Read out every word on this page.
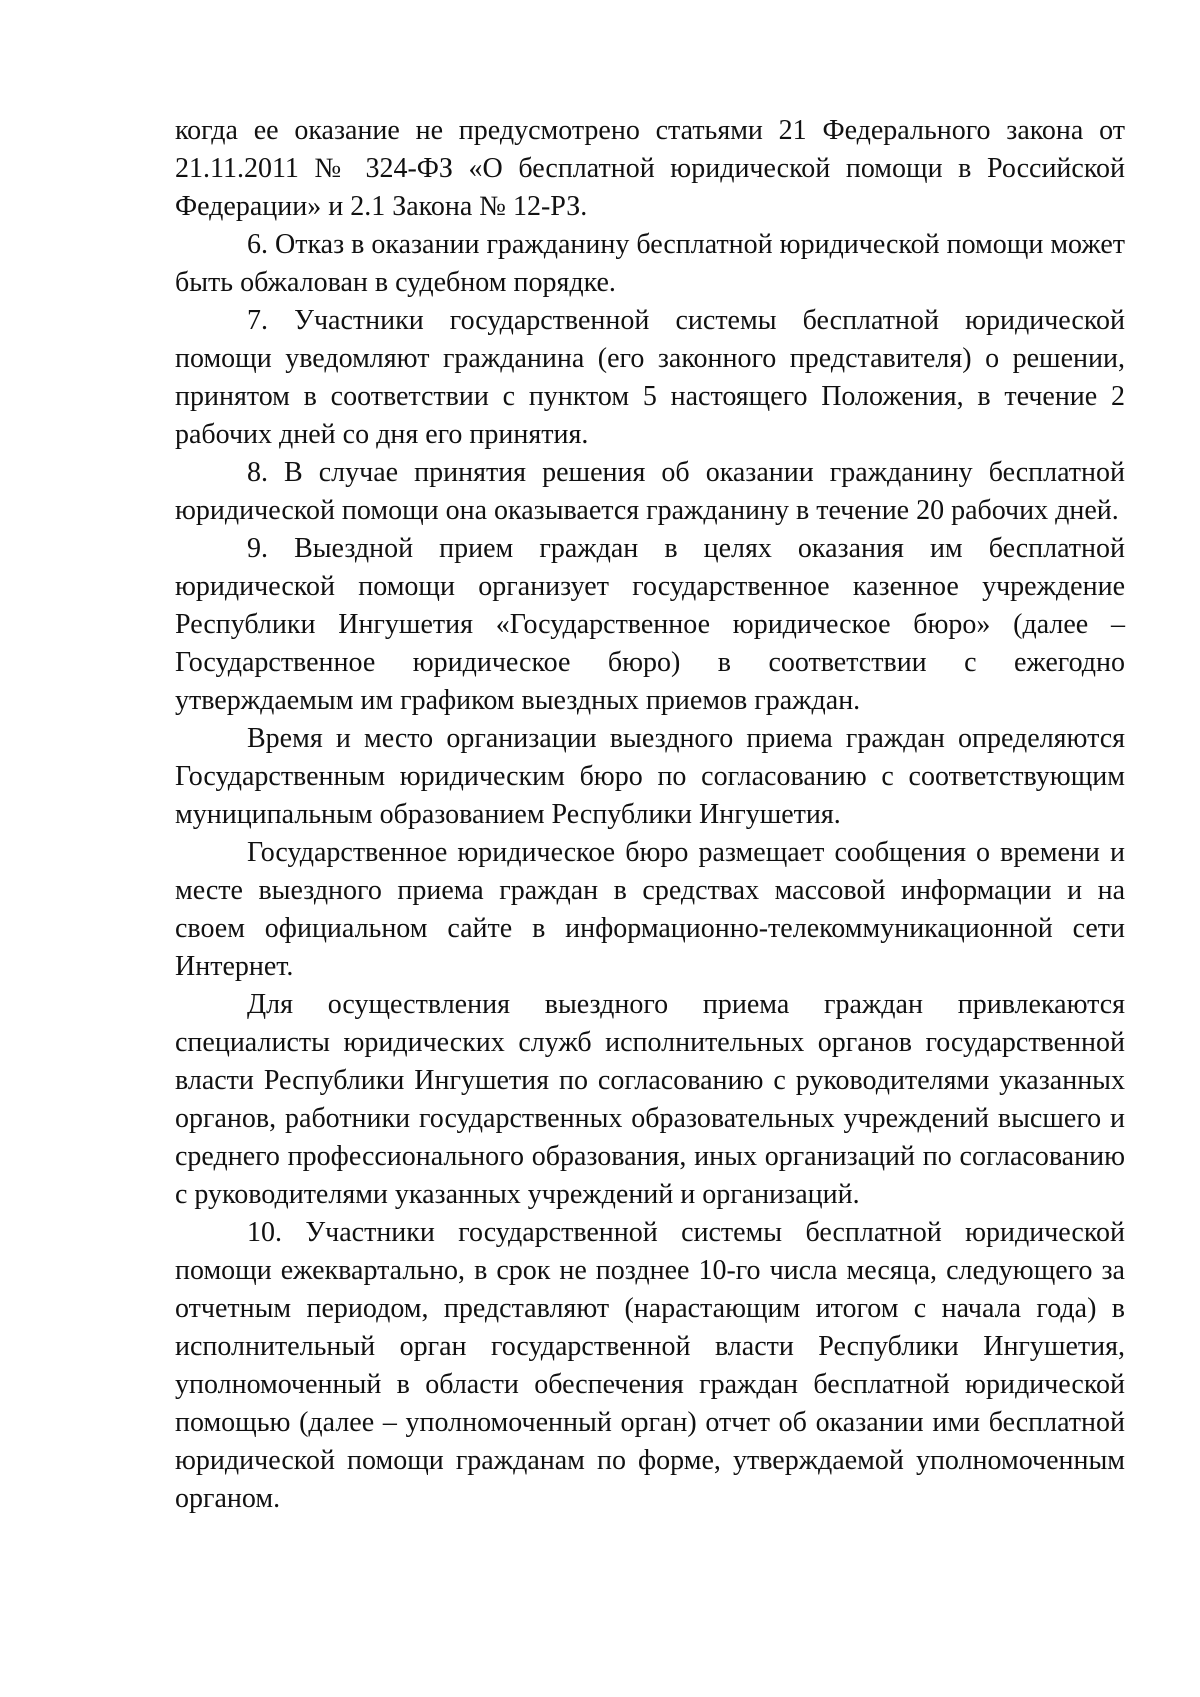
когда ее оказание не предусмотрено статьями 21 Федерального закона от 21.11.2011 № 324-ФЗ «О бесплатной юридической помощи в Российской Федерации» и 2.1 Закона № 12-РЗ.

6. Отказ в оказании гражданину бесплатной юридической помощи может быть обжалован в судебном порядке.

7. Участники государственной системы бесплатной юридической помощи уведомляют гражданина (его законного представителя) о решении, принятом в соответствии с пунктом 5 настоящего Положения, в течение 2 рабочих дней со дня его принятия.

8. В случае принятия решения об оказании гражданину бесплатной юридической помощи она оказывается гражданину в течение 20 рабочих дней.

9. Выездной прием граждан в целях оказания им бесплатной юридической помощи организует государственное казенное учреждение Республики Ингушетия «Государственное юридическое бюро» (далее – Государственное юридическое бюро) в соответствии с ежегодно утверждаемым им графиком выездных приемов граждан.

Время и место организации выездного приема граждан определяются Государственным юридическим бюро по согласованию с соответствующим муниципальным образованием Республики Ингушетия.

Государственное юридическое бюро размещает сообщения о времени и месте выездного приема граждан в средствах массовой информации и на своем официальном сайте в информационно-телекоммуникационной сети Интернет.

Для осуществления выездного приема граждан привлекаются специалисты юридических служб исполнительных органов государственной власти Республики Ингушетия по согласованию с руководителями указанных органов, работники государственных образовательных учреждений высшего и среднего профессионального образования, иных организаций по согласованию с руководителями указанных учреждений и организаций.

10. Участники государственной системы бесплатной юридической помощи ежеквартально, в срок не позднее 10-го числа месяца, следующего за отчетным периодом, представляют (нарастающим итогом с начала года) в исполнительный орган государственной власти Республики Ингушетия, уполномоченный в области обеспечения граждан бесплатной юридической помощью (далее – уполномоченный орган) отчет об оказании ими бесплатной юридической помощи гражданам по форме, утверждаемой уполномоченным органом.
